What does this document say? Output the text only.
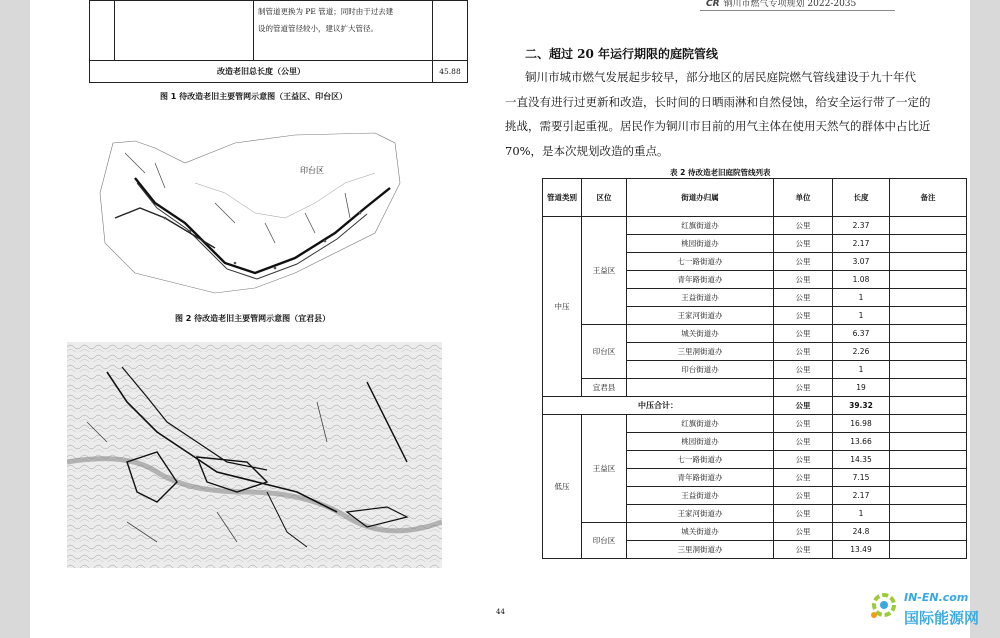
CR 铜川市燃气专项规划 2022-2035

		制管道更换为 PE 管道；同时由于过去建
设的管道管径较小，建议扩大管径。	

改造老旧总长度（公里）			45.88
图 1 待改造老旧主要管网示意图（王益区、印台区）
印台区
图 2 待改造老旧主要管网示意图（宜君县）
二、超过 20 年运行期限的庭院管线
铜川市城市燃气发展起步较早，部分地区的居民庭院燃气管线建设于九十年代
一直没有进行过更新和改造，长时间的日晒雨淋和自然侵蚀，给安全运行带了一定的
挑战，需要引起重视。居民作为铜川市目前的用气主体在使用天然气的群体中占比近
70%，是本次规划改造的重点。
表 2 待改造老旧庭院管线列表
管道类别	区位	街道办归属	单位	长度	备注
中压	王益区	红旗街道办	公里	2.37	
		桃园街道办	公里	2.17	
		七一路街道办	公里	3.07	
		青年路街道办	公里	1.08	
		王益街道办	公里	1	
		王家河街道办	公里	1	
	印台区	城关街道办	公里	6.37	
		三里洞街道办	公里	2.26	
		印台街道办	公里	1	
	宜君县		公里	19	
中压合计：			公里	39.32	
低压	王益区	红旗街道办	公里	16.98	
		桃园街道办	公里	13.66	
		七一路街道办	公里	14.35	
		青年路街道办	公里	7.15	
		王益街道办	公里	2.17	
		王家河街道办	公里	1	
	印台区	城关街道办	公里	24.8	
		三里洞街道办	公里	13.49	
44
IN-EN.com
国际能源网
